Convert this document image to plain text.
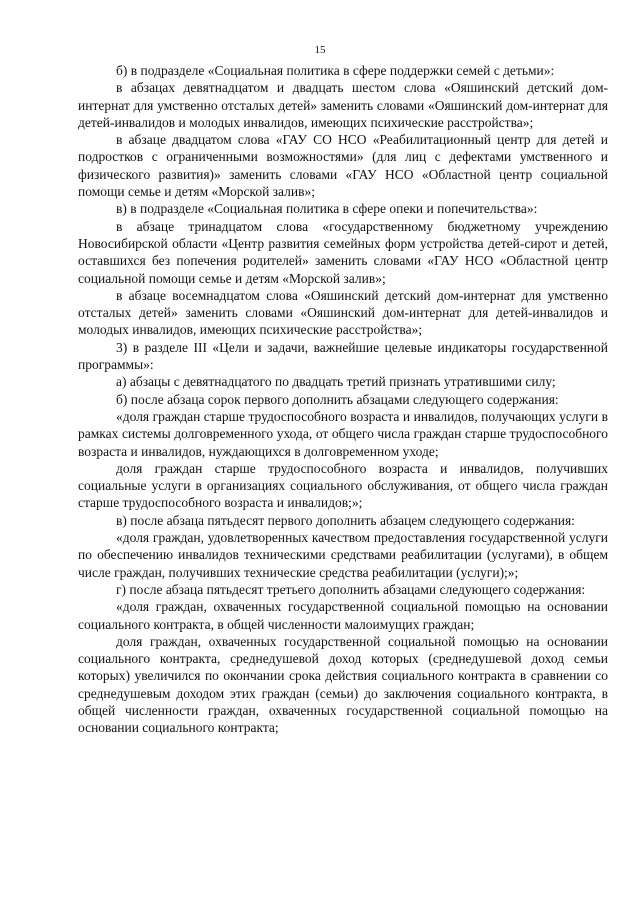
15

б) в подразделе «Социальная политика в сфере поддержки семей с детьми»:

в абзацах девятнадцатом и двадцать шестом слова «Ояшинский детский дом-интернат для умственно отсталых детей» заменить словами «Ояшинский дом-интернат для детей-инвалидов и молодых инвалидов, имеющих психические расстройства»;

в абзаце двадцатом слова «ГАУ СО НСО «Реабилитационный центр для детей и подростков с ограниченными возможностями» (для лиц с дефектами умственного и физического развития)» заменить словами «ГАУ НСО «Областной центр социальной помощи семье и детям «Морской залив»;

в) в подразделе «Социальная политика в сфере опеки и попечительства»:

в абзаце тринадцатом слова «государственному бюджетному учреждению Новосибирской области «Центр развития семейных форм устройства детей-сирот и детей, оставшихся без попечения родителей» заменить словами «ГАУ НСО «Областной центр социальной помощи семье и детям «Морской залив»;

в абзаце восемнадцатом слова «Ояшинский детский дом-интернат для умственно отсталых детей» заменить словами «Ояшинский дом-интернат для детей-инвалидов и молодых инвалидов, имеющих психические расстройства»;

3) в разделе III «Цели и задачи, важнейшие целевые индикаторы государственной программы»:

а) абзацы с девятнадцатого по двадцать третий признать утратившими силу;

б) после абзаца сорок первого дополнить абзацами следующего содержания:

«доля граждан старше трудоспособного возраста и инвалидов, получающих услуги в рамках системы долговременного ухода, от общего числа граждан старше трудоспособного возраста и инвалидов, нуждающихся в долговременном уходе;

доля граждан старше трудоспособного возраста и инвалидов, получивших социальные услуги в организациях социального обслуживания, от общего числа граждан старше трудоспособного возраста и инвалидов;»;

в) после абзаца пятьдесят первого дополнить абзацем следующего содержания:

«доля граждан, удовлетворенных качеством предоставления государственной услуги по обеспечению инвалидов техническими средствами реабилитации (услугами), в общем числе граждан, получивших технические средства реабилитации (услуги);»;

г) после абзаца пятьдесят третьего дополнить абзацами следующего содержания:

«доля граждан, охваченных государственной социальной помощью на основании социального контракта, в общей численности малоимущих граждан;

доля граждан, охваченных государственной социальной помощью на основании социального контракта, среднедушевой доход которых (среднедушевой доход семьи которых) увеличился по окончании срока действия социального контракта в сравнении со среднедушевым доходом этих граждан (семьи) до заключения социального контракта, в общей численности граждан, охваченных государственной социальной помощью на основании социального контракта;
